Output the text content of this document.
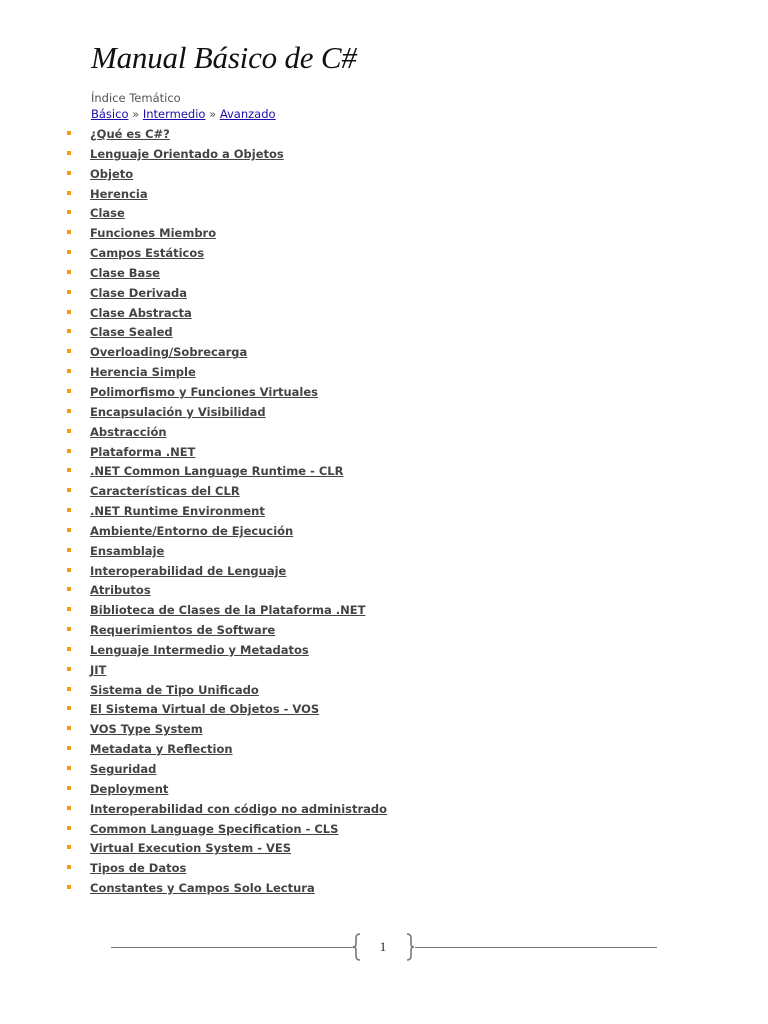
Manual Básico de C#
Índice Temático
Básico » Intermedio » Avanzado
¿Qué es C#?
Lenguaje Orientado a Objetos
Objeto
Herencia
Clase
Funciones Miembro
Campos Estáticos
Clase Base
Clase Derivada
Clase Abstracta
Clase Sealed
Overloading/Sobrecarga
Herencia Simple
Polimorfismo y Funciones Virtuales
Encapsulación y Visibilidad
Abstracción
Plataforma .NET
.NET Common Language Runtime - CLR
Características del CLR
.NET Runtime Environment
Ambiente/Entorno de Ejecución
Ensamblaje
Interoperabilidad de Lenguaje
Atributos
Biblioteca de Clases de la Plataforma .NET
Requerimientos de Software
Lenguaje Intermedio y Metadatos
JIT
Sistema de Tipo Unificado
El Sistema Virtual de Objetos - VOS
VOS Type System
Metadata y Reflection
Seguridad
Deployment
Interoperabilidad con código no administrado
Common Language Specification - CLS
Virtual Execution System - VES
Tipos de Datos
Constantes y Campos Solo Lectura
1
